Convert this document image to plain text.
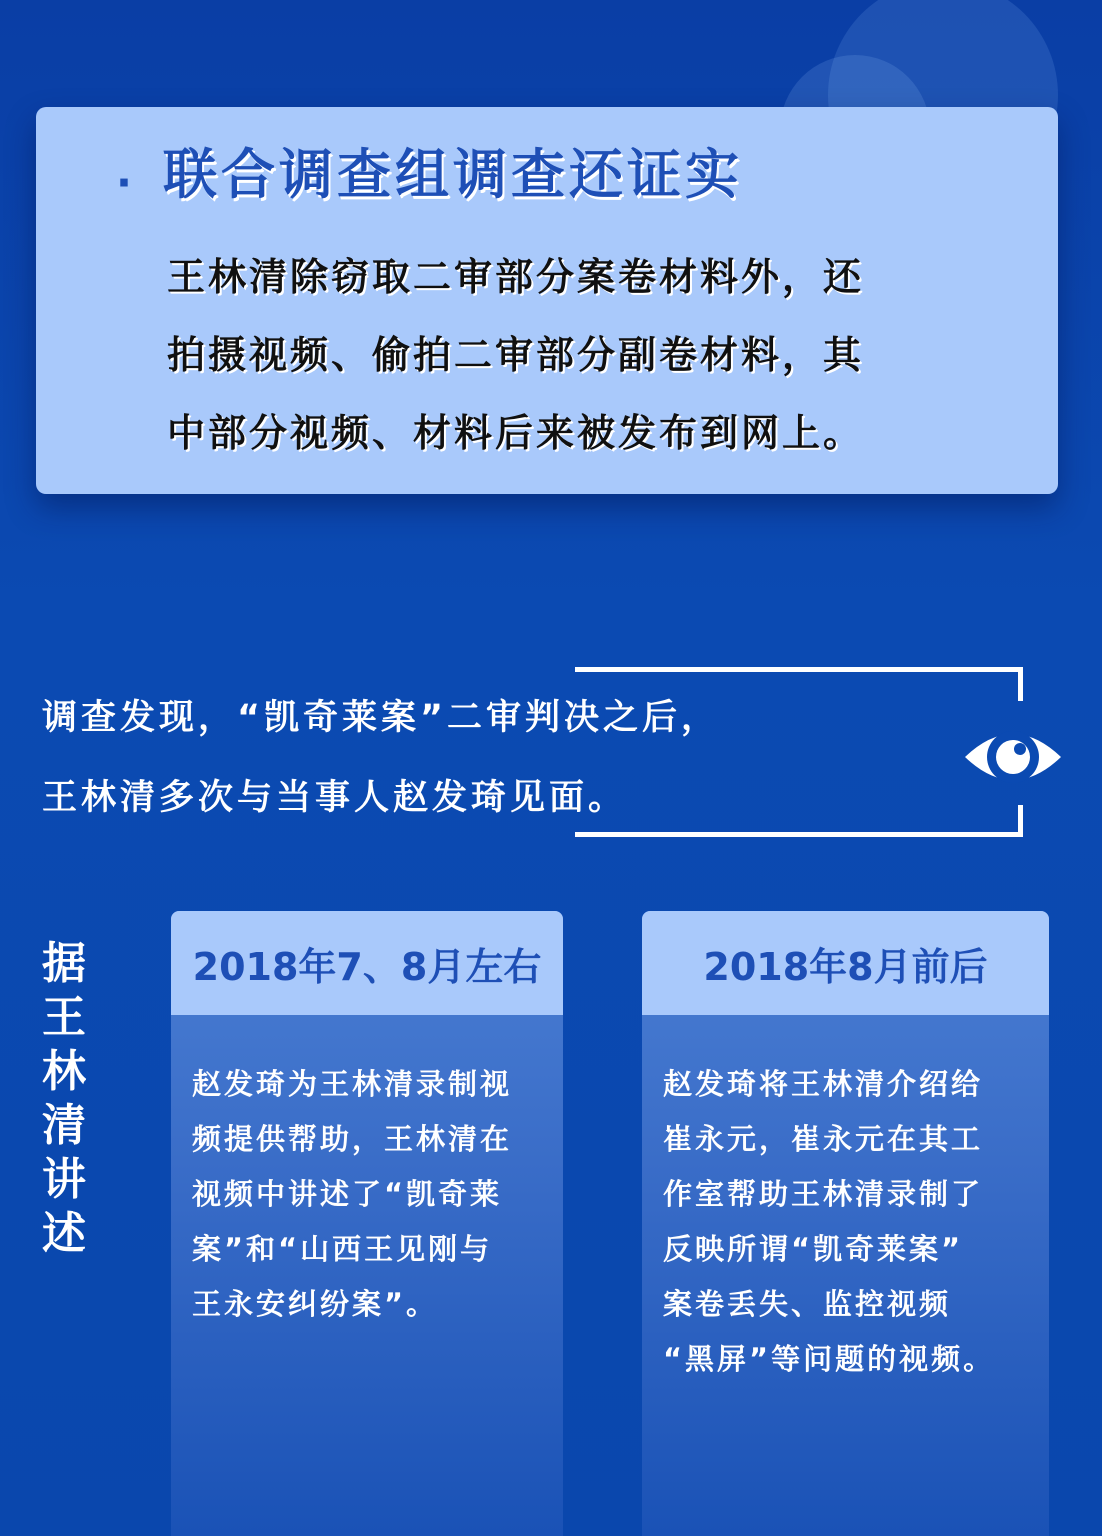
· 联合调查组调查还证实
王林清除窃取二审部分案卷材料外，还
拍摄视频、偷拍二审部分副卷材料，其
中部分视频、材料后来被发布到网上。
调查发现，“凯奇莱案”二审判决之后，
王林清多次与当事人赵发琦见面。
据
王
林
清
讲
述
2018年7、8月左右
赵发琦为王林清录制视
频提供帮助，王林清在
视频中讲述了“凯奇莱
案”和“山西王见刚与
王永安纠纷案”。
2018年8月前后
赵发琦将王林清介绍给
崔永元，崔永元在其工
作室帮助王林清录制了
反映所谓“凯奇莱案”
案卷丢失、监控视频
“黑屏”等问题的视频。
